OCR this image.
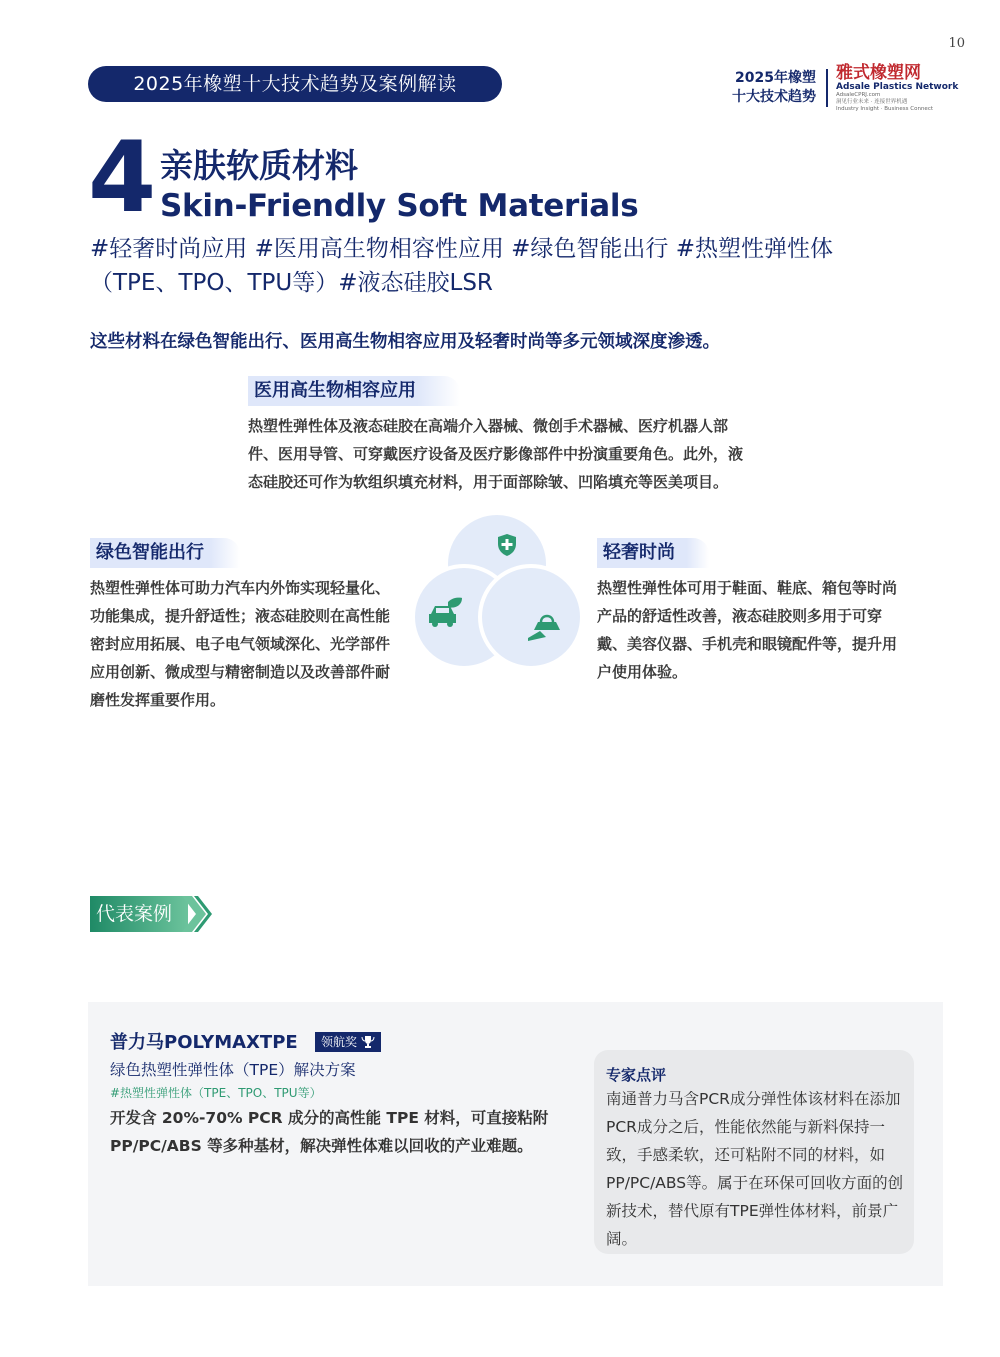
10
2025年橡塑十大技术趋势及案例解读	2025年橡塑
十大技术趋势
雅式橡塑网
Adsale Plastics Network
AdsaleCPRJ.com
洞见行业未来 · 连接世界机遇
Industry Insight · Business Connect
4 亲肤软质材料
Skin-Friendly Soft Materials
#轻奢时尚应用 #医用高生物相容性应用 #绿色智能出行 #热塑性弹性体（TPE、TPO、TPU等）#液态硅胶LSR
这些材料在绿色智能出行、医用高生物相容应用及轻奢时尚等多元领域深度渗透。
医用高生物相容应用
热塑性弹性体及液态硅胶在高端介入器械、微创手术器械、医疗机器人部件、医用导管、可穿戴医疗设备及医疗影像部件中扮演重要角色。此外，液态硅胶还可作为软组织填充材料，用于面部除皱、凹陷填充等医美项目。
绿色智能出行
热塑性弹性体可助力汽车内外饰实现轻量化、功能集成，提升舒适性；液态硅胶则在高性能密封应用拓展、电子电气领域深化、光学部件应用创新、微成型与精密制造以及改善部件耐磨性发挥重要作用。
轻奢时尚
热塑性弹性体可用于鞋面、鞋底、箱包等时尚产品的舒适性改善，液态硅胶则多用于可穿戴、美容仪器、手机壳和眼镜配件等，提升用户使用体验。
代表案例
普力马POLYMAXTPE 领航奖
绿色热塑性弹性体（TPE）解决方案
#热塑性弹性体（TPE、TPO、TPU等）
开发含 20%-70% PCR 成分的高性能 TPE 材料，可直接粘附 PP/PC/ABS 等多种基材，解决弹性体难以回收的产业难题。
专家点评
南通普力马含PCR成分弹性体该材料在添加PCR成分之后，性能依然能与新料保持一致，手感柔软，还可粘附不同的材料，如PP/PC/ABS等。属于在环保可回收方面的创新技术，替代原有TPE弹性体材料，前景广阔。
